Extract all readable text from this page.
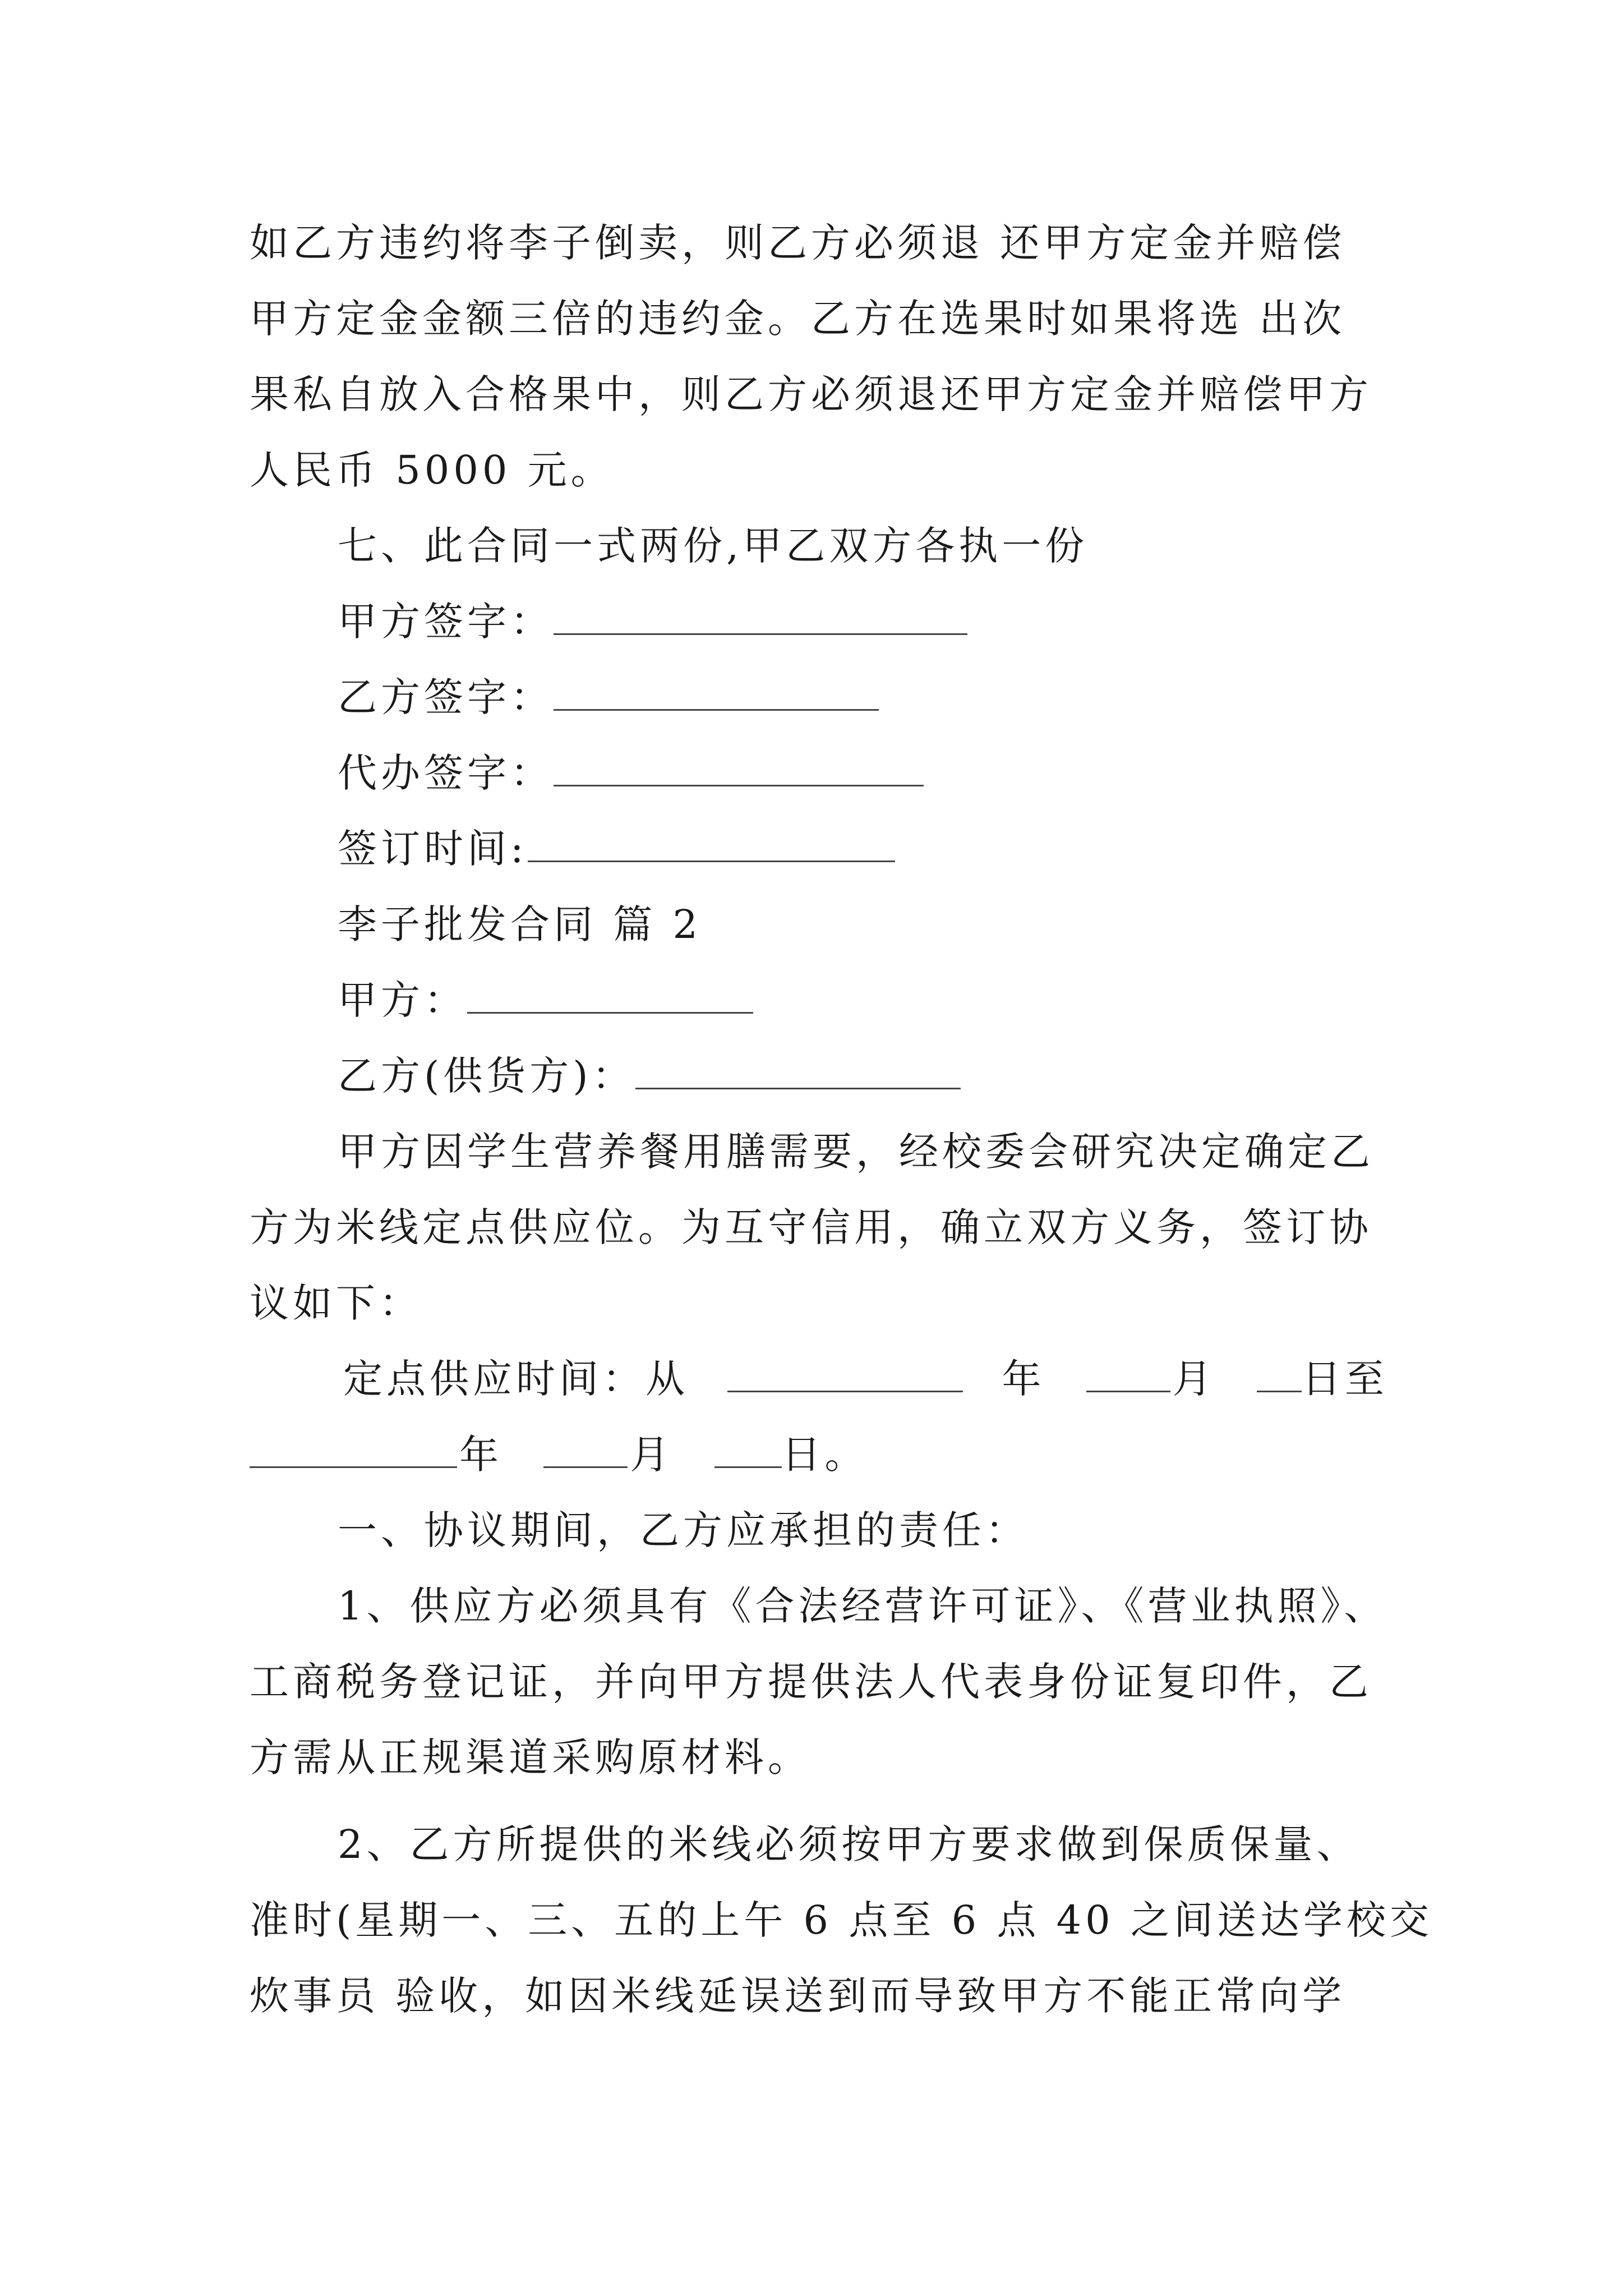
如乙方违约将李子倒卖，则乙方必须退 还甲方定金并赔偿
甲方定金金额三倍的违约金。乙方在选果时如果将选 出次
果私自放入合格果中，则乙方必须退还甲方定金并赔偿甲方
人民币 5000 元。
七、此合同一式两份,甲乙双方各执一份
甲方签字：
乙方签字：
代办签字：
签订时间:
李子批发合同 篇 2
甲方：
乙方(供货方)：
甲方因学生营养餐用膳需要，经校委会研究决定确定乙
方为米线定点供应位。为互守信用，确立双方义务，签订协
议如下：
定点供应时间：从	年	月 日至
年	月	日。
一、协议期间，乙方应承担的责任：
1、供应方必须具有《合法经营许可证》、《营业执照》、
工商税务登记证，并向甲方提供法人代表身份证复印件，乙
方需从正规渠道采购原材料。
2、乙方所提供的米线必须按甲方要求做到保质保量、
准时(星期一、三、五的上午 6 点至 6 点 40 之间送达学校交
炊事员 验收，如因米线延误送到而导致甲方不能正常向学
